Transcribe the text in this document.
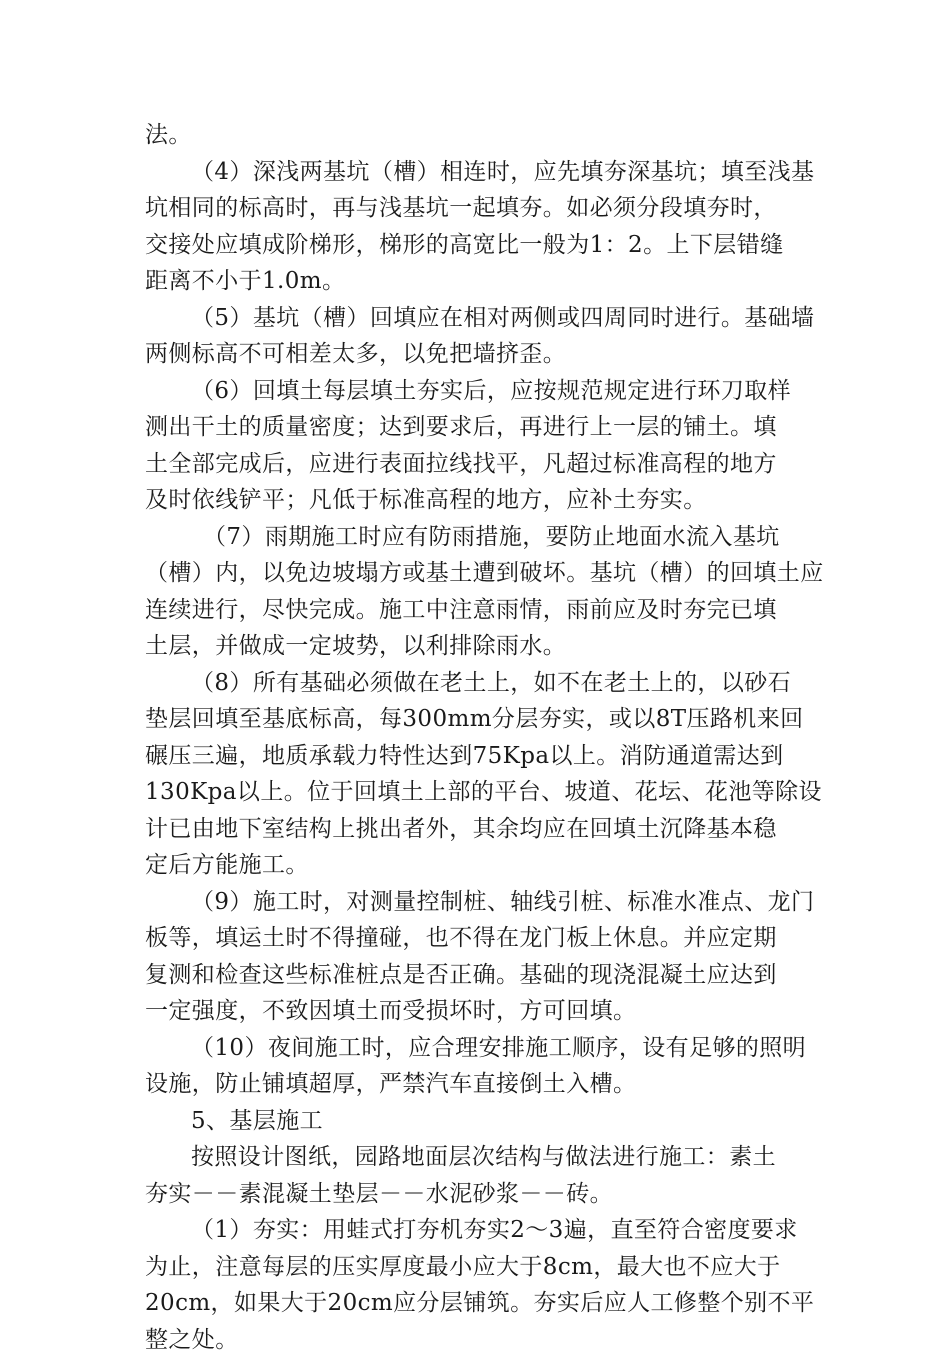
法。
（4）深浅两基坑（槽）相连时，应先填夯深基坑；填至浅基
坑相同的标高时，再与浅基坑一起填夯。如必须分段填夯时，
交接处应填成阶梯形，梯形的高宽比一般为1：2。上下层错缝
距离不小于1.0m。
（5）基坑（槽）回填应在相对两侧或四周同时进行。基础墙
两侧标高不可相差太多，以免把墙挤歪。
（6）回填土每层填土夯实后，应按规范规定进行环刀取样
测出干土的质量密度；达到要求后，再进行上一层的铺土。填
土全部完成后，应进行表面拉线找平，凡超过标准高程的地方
及时依线铲平；凡低于标准高程的地方，应补土夯实。
（7）雨期施工时应有防雨措施，要防止地面水流入基坑
（槽）内，以免边坡塌方或基土遭到破坏。基坑（槽）的回填土应
连续进行，尽快完成。施工中注意雨情，雨前应及时夯完已填
土层，并做成一定坡势，以利排除雨水。
（8）所有基础必须做在老土上，如不在老土上的，以砂石
垫层回填至基底标高，每300mm分层夯实，或以8T压路机来回
碾压三遍，地质承载力特性达到75Kpa以上。消防通道需达到
130Kpa以上。位于回填土上部的平台、坡道、花坛、花池等除设
计已由地下室结构上挑出者外，其余均应在回填土沉降基本稳
定后方能施工。
（9）施工时，对测量控制桩、轴线引桩、标准水准点、龙门
板等，填运土时不得撞碰，也不得在龙门板上休息。并应定期
复测和检查这些标准桩点是否正确。基础的现浇混凝土应达到
一定强度，不致因填土而受损坏时，方可回填。
（10）夜间施工时，应合理安排施工顺序，设有足够的照明
设施，防止铺填超厚，严禁汽车直接倒土入槽。
5、基层施工
按照设计图纸，园路地面层次结构与做法进行施工：素土
夯实－－素混凝土垫层－－水泥砂浆－－砖。
（1）夯实：用蛙式打夯机夯实2～3遍，直至符合密度要求
为止，注意每层的压实厚度最小应大于8cm，最大也不应大于
20cm，如果大于20cm应分层铺筑。夯实后应人工修整个别不平
整之处。
